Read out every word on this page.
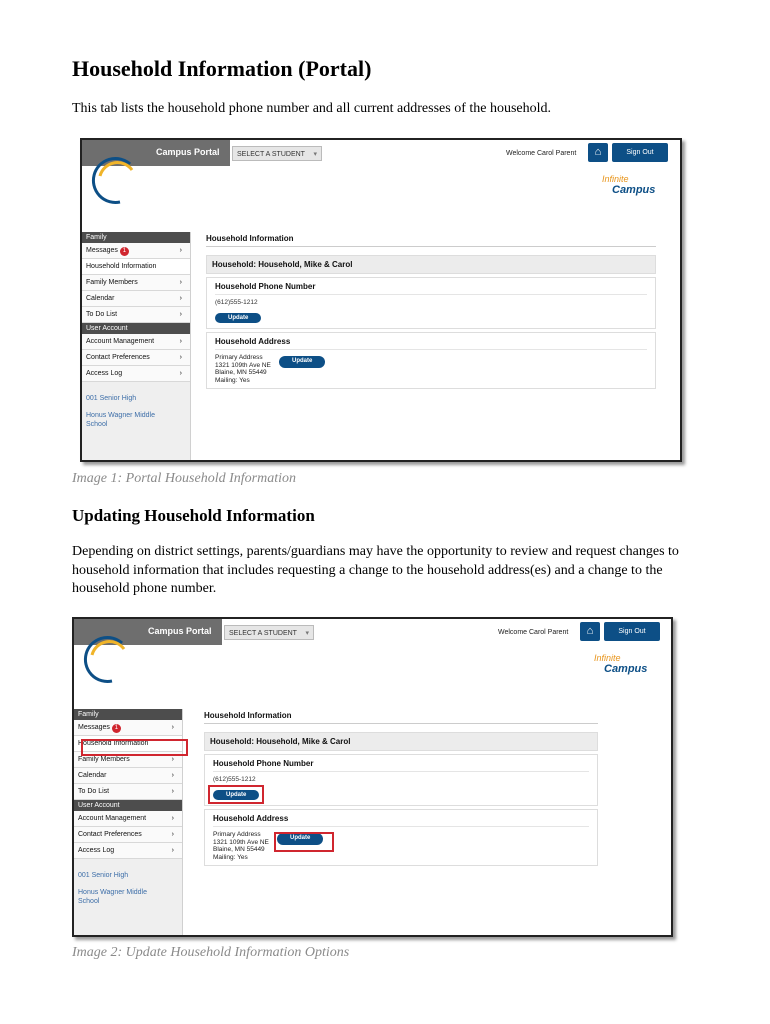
Household Information (Portal)
This tab lists the household phone number and all current addresses of the household.
Campus Portal	SELECT A STUDENT ▾	Welcome Carol Parent	⌂	Sign Out
Infinite
Campus
Family
Messages 1	›
Household Information
Family Members	›
Calendar	›
To Do List	›
User Account
Account Management	›
Contact Preferences	›
Access Log	›
001 Senior High
Honus Wagner Middle School
Household Information
Household: Household, Mike & Carol
Household Phone Number
(612)555-1212
Update
Household Address
Primary Address
1321 109th Ave NE
Blaine, MN 55449
Mailing: Yes
Update
Image 1: Portal Household Information
Updating Household Information
Depending on district settings, parents/guardians may have the opportunity to review and request changes to household information that includes requesting a change to the household address(es) and a change to the household phone number.
Campus Portal	SELECT A STUDENT ▾	Welcome Carol Parent	⌂	Sign Out
Infinite
Campus
Family
Messages 1	›
Household Information
Family Members	›
Calendar	›
To Do List	›
User Account
Account Management	›
Contact Preferences	›
Access Log	›
001 Senior High
Honus Wagner Middle School
Household Information
Household: Household, Mike & Carol
Household Phone Number
(612)555-1212
Update
Household Address
Primary Address
1321 109th Ave NE
Blaine, MN 55449
Mailing: Yes
Update
Image 2: Update Household Information Options
